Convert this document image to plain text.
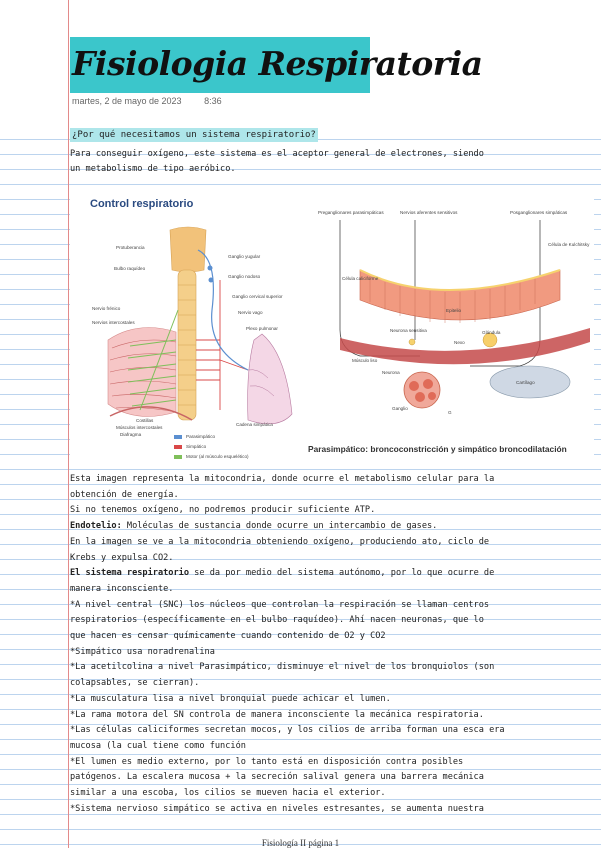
Fisiologia Respiratoria
martes, 2 de mayo de 2023	8:36
¿Por qué necesitamos un sistema respiratorio?
Para conseguir oxígeno, este sistema es el aceptor general de electrones, siendo
un metabolismo de tipo aeróbico.
Control respiratorio
Protuberancia
Bulbo raquídeo
Nervio frénico
Nervios intercostales
Costillas
Músculos intercostales
Diafragma
Ganglio yugular
Ganglio nodoso
Ganglio cervical superior
Nervio vago
Plexo pulmonar
Cadena simpática
Parasimpático
Simpático
Motor (al músculo esquelético)
Preganglionares parasimpáticas	Nervios aferentes sensitivos	Posganglionares simpáticas
Célula de Kulchitsky
Célula caliciforme
Epitelio
Neurona sensitiva
Nexo
Glándula
Músculo liso
Neurona
Cartílago
Ganglio
G
Parasimpático: broncoconstricción y simpático broncodilatación
Esta imagen representa la mitocondria, donde ocurre el metabolismo celular para la
obtención de energía.
Si no tenemos oxígeno, no podremos producir suficiente ATP.
Endotelio: Moléculas de sustancia donde ocurre un intercambio de gases.
En la imagen se ve a la mitocondria obteniendo oxígeno, produciendo ato, ciclo de
Krebs y expulsa CO2.
El sistema respiratorio se da por medio del sistema autónomo, por lo que ocurre de
manera inconsciente.
*A nivel central (SNC) los núcleos que controlan la respiración se llaman centros
respiratorios (específicamente en el bulbo raquídeo). Ahí nacen neuronas, que lo
que hacen es censar químicamente cuando contenido de O2 y CO2
*Simpático usa noradrenalina
*La acetilcolina a nivel Parasimpático, disminuye el nivel de los bronquiolos (son
colapsables, se cierran).
*La musculatura lisa a nivel bronquial puede achicar el lumen.
*La rama motora del SN controla de manera inconsciente la mecánica respiratoria.
*Las células caliciformes secretan mocos, y los cilios de arriba forman una esca era
mucosa (la cual tiene como función
*El lumen es medio externo, por lo tanto está en disposición contra posibles
patógenos. La escalera mucosa + la secreción salival genera una barrera mecánica
similar a una escoba, los cilios se mueven hacia el exterior.
*Sistema nervioso simpático se activa en niveles estresantes, se aumenta nuestra
Fisiología II página 1
